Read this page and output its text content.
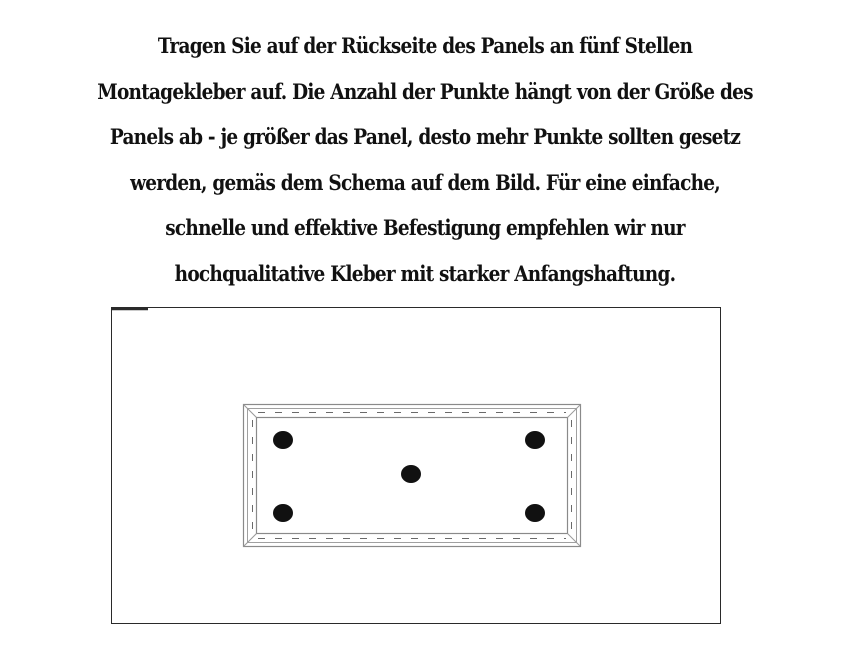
Tragen Sie auf der Rückseite des Panels an fünf Stellen
Montagekleber auf. Die Anzahl der Punkte hängt von der Größe des
Panels ab - je größer das Panel, desto mehr Punkte sollten gesetz
werden, gemäs dem Schema auf dem Bild. Für eine einfache,
schnelle und effektive Befestigung empfehlen wir nur
hochqualitative Kleber mit starker Anfangshaftung.
